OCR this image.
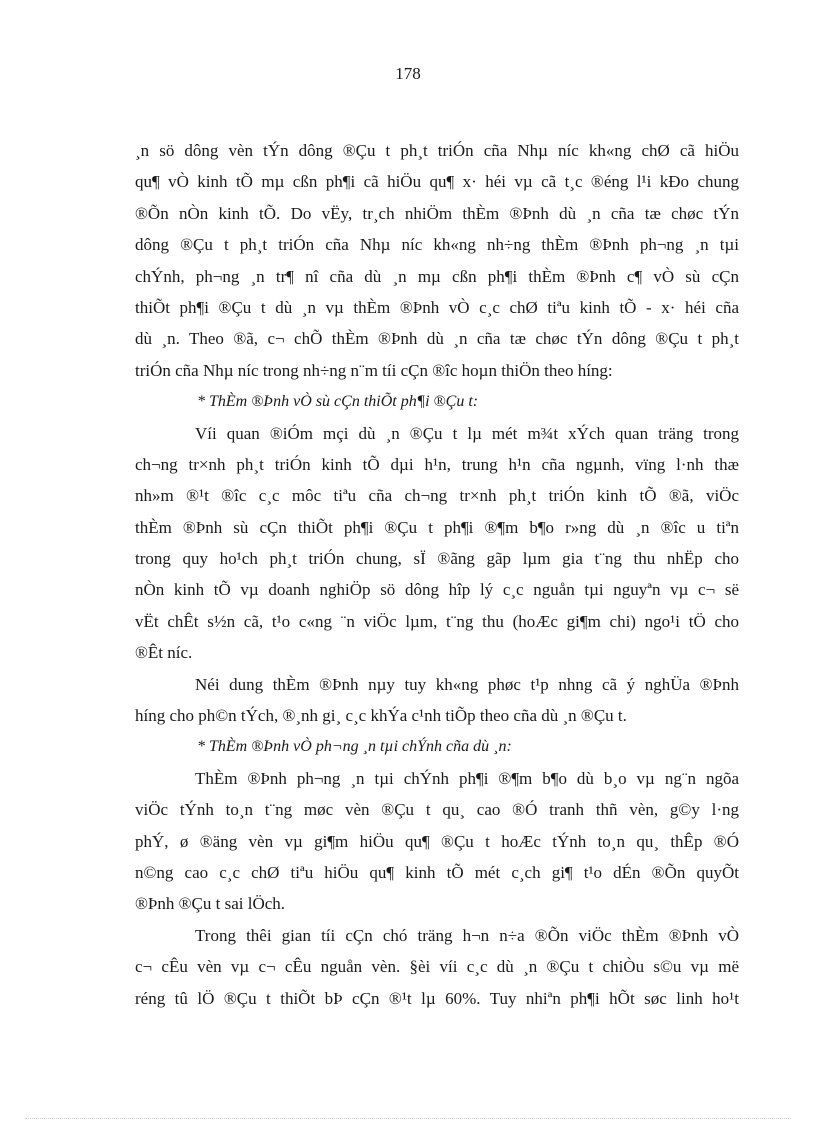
178
¸n sö dông vèn tÝn dông ®Çu t ph¸t triÓn cña Nhµ níc kh«ng chØ cã hiÖu
qu¶ vÒ kinh tÕ mµ cßn ph¶i cã hiÖu qu¶ x· héi vµ cã t¸c ®éng l¹i kÐo chung
®Õn nÒn kinh tÕ. Do vËy, tr¸ch nhiÖm thÈm ®Þnh dù ¸n cña tæ chøc tÝn
dông ®Çu t ph¸t triÓn cña Nhµ níc kh«ng nh÷ng thÈm ®Þnh ph¬ng ¸n tµi
chÝnh, ph¬ng ¸n tr¶ nî cña dù ¸n mµ cßn ph¶i thÈm ®Þnh c¶ vÒ sù cÇn
thiÕt ph¶i ®Çu t dù ¸n vµ thÈm ®Þnh vÒ c¸c chØ tiªu kinh tÕ - x· héi cña
dù ¸n. Theo ®ã, c¬ chÕ thÈm ®Þnh dù ¸n cña tæ chøc tÝn dông ®Çu t ph¸t
triÓn cña Nhµ níc trong nh÷ng n¨m tíi cÇn ®îc hoµn thiÖn theo híng:
* ThÈm ®Þnh vÒ sù cÇn thiÕt ph¶i ®Çu t:
Víi quan ®iÓm mçi dù ¸n ®Çu t lµ mét m¾t xÝch quan träng trong
ch¬ng tr×nh ph¸t triÓn kinh tÕ dµi h¹n, trung h¹n cña ngµnh, vïng l·nh thæ
nh»m ®¹t ®îc c¸c môc tiªu cña ch¬ng tr×nh ph¸t triÓn kinh tÕ ®ã, viÖc
thÈm ®Þnh sù cÇn thiÕt ph¶i ®Çu t ph¶i ®¶m b¶o r»ng dù ¸n ®îc u tiªn
trong quy ho¹ch ph¸t triÓn chung, sÏ ®ãng gãp lµm gia t¨ng thu nhËp cho
nÒn kinh tÕ vµ doanh nghiÖp sö dông hîp lý c¸c nguån tµi nguyªn vµ c¬ së
vËt chÊt s½n cã, t¹o c«ng ¨n viÖc lµm, t¨ng thu (hoÆc gi¶m chi) ngo¹i tÖ cho
®Êt níc.
Néi dung thÈm ®Þnh nµy tuy kh«ng phøc t¹p nhng cã ý nghÜa ®Þnh
híng cho ph©n tÝch, ®¸nh gi¸ c¸c khÝa c¹nh tiÕp theo cña dù ¸n ®Çu t.
* ThÈm ®Þnh vÒ ph¬ng ¸n tµi chÝnh cña dù ¸n:
ThÈm ®Þnh ph¬ng ¸n tµi chÝnh ph¶i ®¶m b¶o dù b¸o vµ ng¨n ngõa
viÖc tÝnh to¸n t¨ng møc vèn ®Çu t qu¸ cao ®Ó tranh thñ vèn, g©y l·ng
phÝ, ø ®äng vèn vµ gi¶m hiÖu qu¶ ®Çu t hoÆc tÝnh to¸n qu¸ thÊp ®Ó
n©ng cao c¸c chØ tiªu hiÖu qu¶ kinh tÕ mét c¸ch gi¶ t¹o dÉn ®Õn quyÕt
®Þnh ®Çu t sai lÖch.
Trong thêi gian tíi cÇn chó träng h¬n n÷a ®Õn viÖc thÈm ®Þnh vÒ
c¬ cÊu vèn vµ c¬ cÊu nguån vèn. §èi víi c¸c dù ¸n ®Çu t chiÒu s©u vµ më
réng tû lÖ ®Çu t thiÕt bÞ cÇn ®¹t lµ 60%. Tuy nhiªn ph¶i hÕt søc linh ho¹t
